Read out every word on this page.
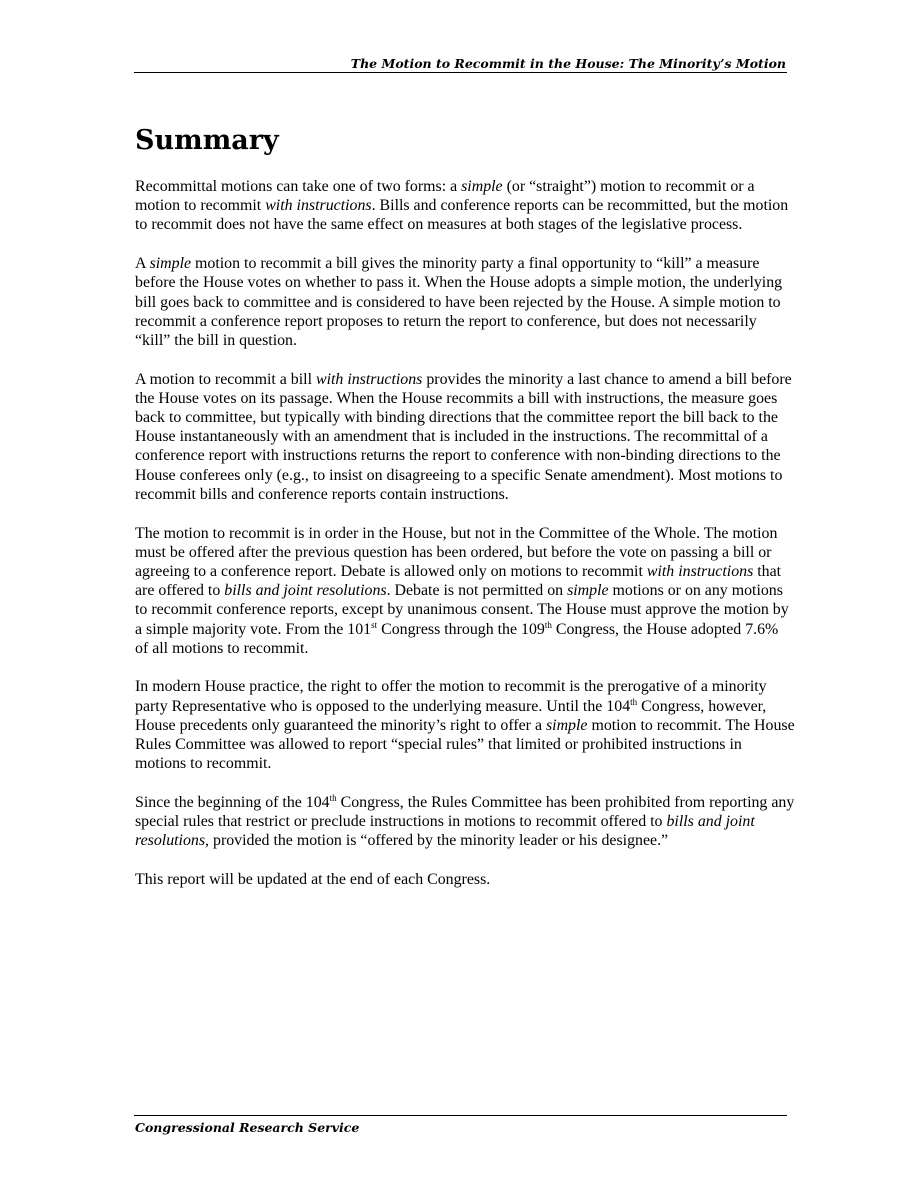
The Motion to Recommit in the House: The Minority’s Motion
Summary

Recommittal motions can take one of two forms: a simple (or “straight”) motion to recommit or a motion to recommit with instructions. Bills and conference reports can be recommitted, but the motion to recommit does not have the same effect on measures at both stages of the legislative process.

A simple motion to recommit a bill gives the minority party a final opportunity to “kill” a measure before the House votes on whether to pass it. When the House adopts a simple motion, the underlying bill goes back to committee and is considered to have been rejected by the House. A simple motion to recommit a conference report proposes to return the report to conference, but does not necessarily “kill” the bill in question.

A motion to recommit a bill with instructions provides the minority a last chance to amend a bill before the House votes on its passage. When the House recommits a bill with instructions, the measure goes back to committee, but typically with binding directions that the committee report the bill back to the House instantaneously with an amendment that is included in the instructions. The recommittal of a conference report with instructions returns the report to conference with non-binding directions to the House conferees only (e.g., to insist on disagreeing to a specific Senate amendment). Most motions to recommit bills and conference reports contain instructions.

The motion to recommit is in order in the House, but not in the Committee of the Whole. The motion must be offered after the previous question has been ordered, but before the vote on passing a bill or agreeing to a conference report. Debate is allowed only on motions to recommit with instructions that are offered to bills and joint resolutions. Debate is not permitted on simple motions or on any motions to recommit conference reports, except by unanimous consent. The House must approve the motion by a simple majority vote. From the 101st Congress through the 109th Congress, the House adopted 7.6% of all motions to recommit.

In modern House practice, the right to offer the motion to recommit is the prerogative of a minority party Representative who is opposed to the underlying measure. Until the 104th Congress, however, House precedents only guaranteed the minority’s right to offer a simple motion to recommit. The House Rules Committee was allowed to report “special rules” that limited or prohibited instructions in motions to recommit.

Since the beginning of the 104th Congress, the Rules Committee has been prohibited from reporting any special rules that restrict or preclude instructions in motions to recommit offered to bills and joint resolutions, provided the motion is “offered by the minority leader or his designee.”

This report will be updated at the end of each Congress.

Congressional Research Service
